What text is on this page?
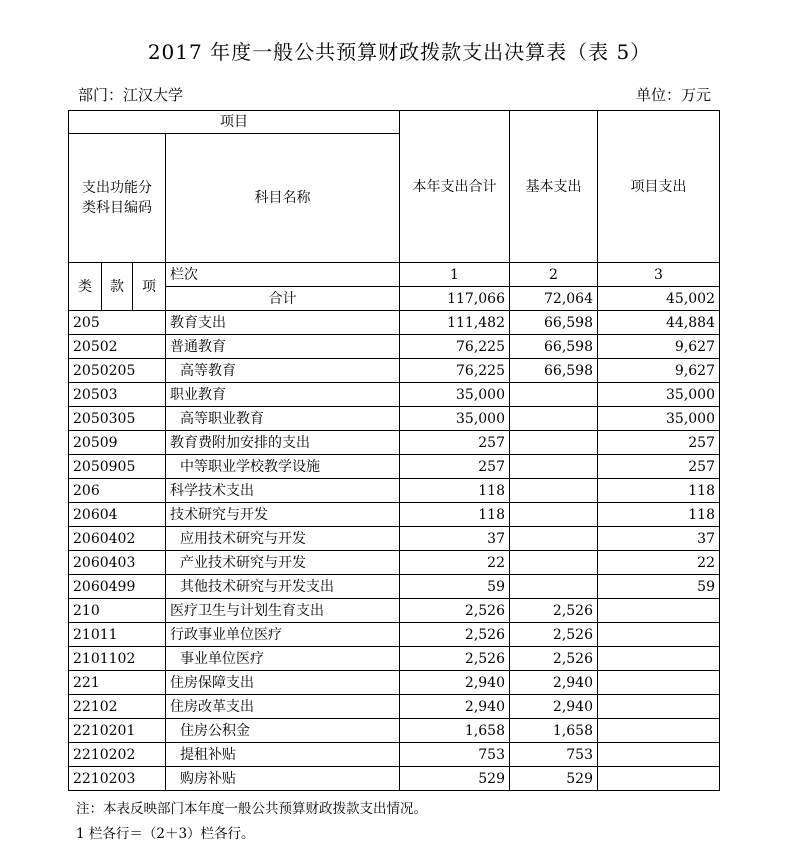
2017 年度一般公共预算财政拨款支出决算表（表 5）
部门：江汉大学	单位：万元
项目				本年支出合计	基本支出	项目支出
支出功能分类科目编码			科目名称			
类	款	项	栏次	1	2	3
			合计	117,066	72,064	45,002
205			教育支出	111,482	66,598	44,884
20502			普通教育	76,225	66,598	9,627
2050205			高等教育	76,225	66,598	9,627
20503			职业教育	35,000		35,000
2050305			高等职业教育	35,000		35,000
20509			教育费附加安排的支出	257		257
2050905			中等职业学校教学设施	257		257
206			科学技术支出	118		118
20604			技术研究与开发	118		118
2060402			应用技术研究与开发	37		37
2060403			产业技术研究与开发	22		22
2060499			其他技术研究与开发支出	59		59
210			医疗卫生与计划生育支出	2,526	2,526	
21011			行政事业单位医疗	2,526	2,526	
2101102			事业单位医疗	2,526	2,526	
221			住房保障支出	2,940	2,940	
22102			住房改革支出	2,940	2,940	
2210201			住房公积金	1,658	1,658	
2210202			提租补贴	753	753	
2210203			购房补贴	529	529	
注：本表反映部门本年度一般公共预算财政拨款支出情况。
1 栏各行＝（2＋3）栏各行。
